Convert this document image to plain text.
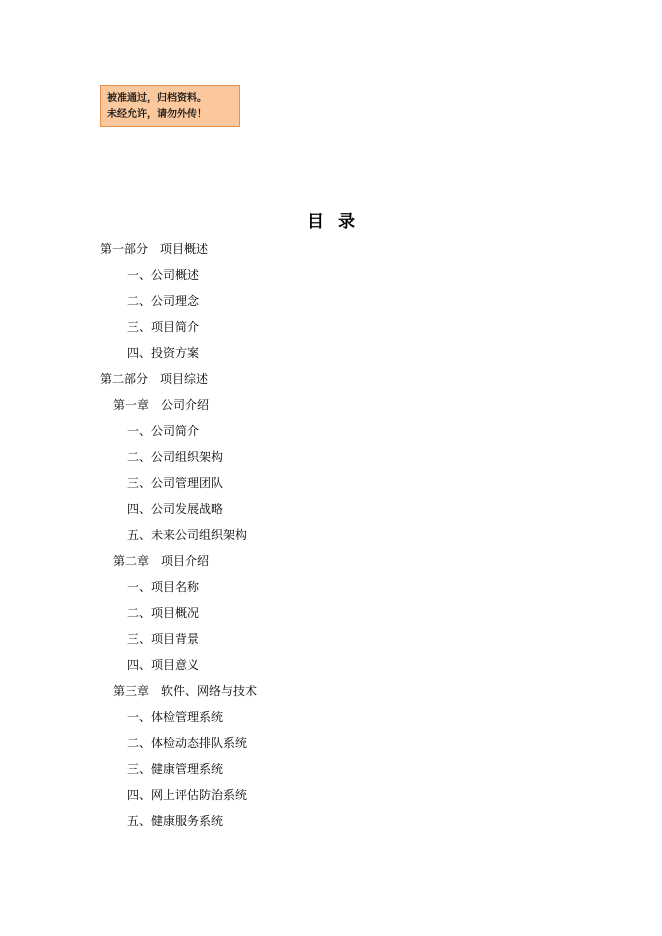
被准通过，归档资料。
未经允许，请勿外传！
目录
第一部分　项目概述
一、公司概述
二、公司理念
三、项目简介
四、投资方案
第二部分　项目综述
第一章　公司介绍
一、公司简介
二、公司组织架构
三、公司管理团队
四、公司发展战略
五、未来公司组织架构
第二章　项目介绍
一、项目名称
二、项目概况
三、项目背景
四、项目意义
第三章　软件、网络与技术
一、体检管理系统
二、体检动态排队系统
三、健康管理系统
四、网上评估防治系统
五、健康服务系统
